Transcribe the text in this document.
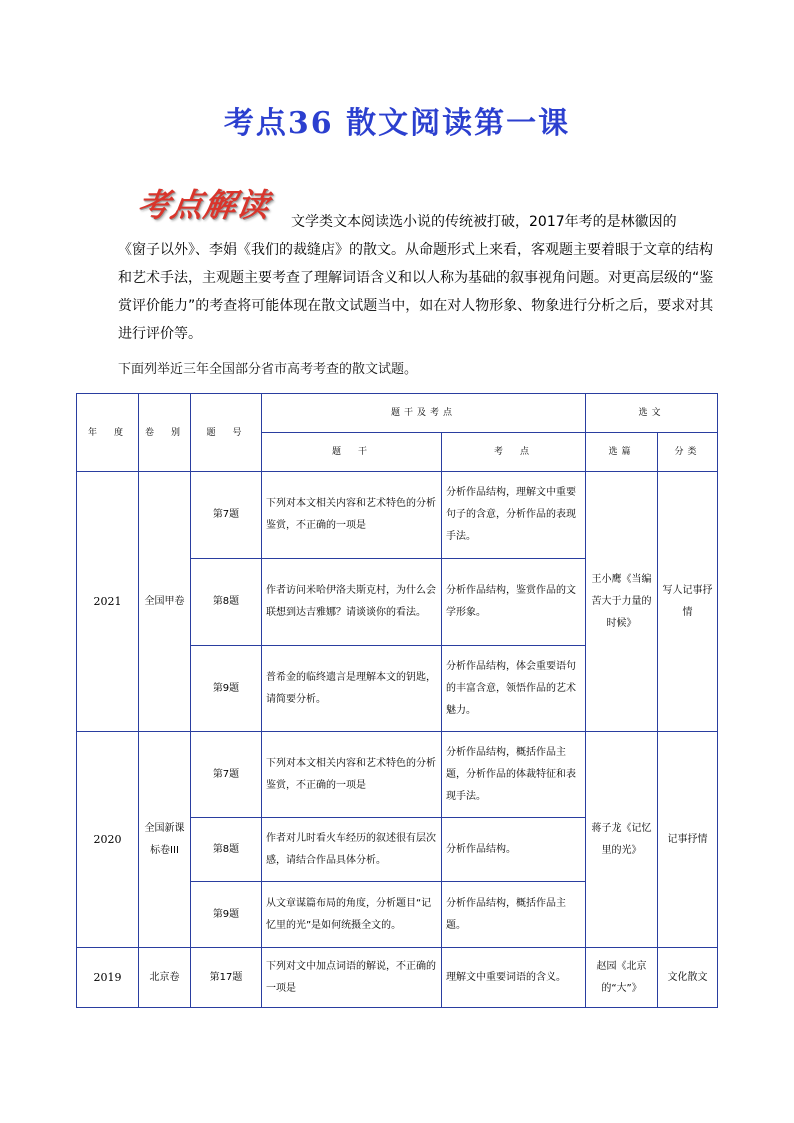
考点36 散文阅读第一课
考点解读 文学类文本阅读选小说的传统被打破，2017年考的是林徽因的
《窗子以外》、李娟《我们的裁缝店》的散文。从命题形式上来看，客观题主要着眼于文章的结构和艺术手法，主观题主要考查了理解词语含义和以人称为基础的叙事视角问题。对更高层级的“鉴赏评价能力”的考查将可能体现在散文试题当中，如在对人物形象、物象进行分析之后，要求对其进行评价等。
下面列举近三年全国部分省市高考考查的散文试题。
年　度	卷　别	题　号	题干及考点		选文	
			题　干	考　点	选篇	分类
2021	全国甲卷	第7题	下列对本文相关内容和艺术特色的分析鉴赏，不正确的一项是	分析作品结构，理解文中重要句子的含意，分析作品的表现手法。	王小鹰《当编苦大于力量的时候》	写人记事抒情
		第8题	作者访问米哈伊洛夫斯克村，为什么会联想到达吉雅娜？请谈谈你的看法。	分析作品结构，鉴赏作品的文学形象。		
		第9题	普希金的临终遗言是理解本文的钥匙，请简要分析。	分析作品结构，体会重要语句的丰富含意，领悟作品的艺术魅力。		
2020	全国新课标卷III	第7题	下列对本文相关内容和艺术特色的分析鉴赏，不正确的一项是	分析作品结构，概括作品主题，分析作品的体裁特征和表现手法。	蒋子龙《记忆里的光》	记事抒情
		第8题	作者对儿时看火车经历的叙述很有层次感，请结合作品具体分析。	分析作品结构。		
		第9题	从文章谋篇布局的角度，分析题目“记忆里的光”是如何统摄全文的。	分析作品结构，概括作品主题。		
2019	北京卷	第17题	下列对文中加点词语的解说，不正确的一项是	理解文中重要词语的含义。	赵园《北京的“大”》	文化散文
